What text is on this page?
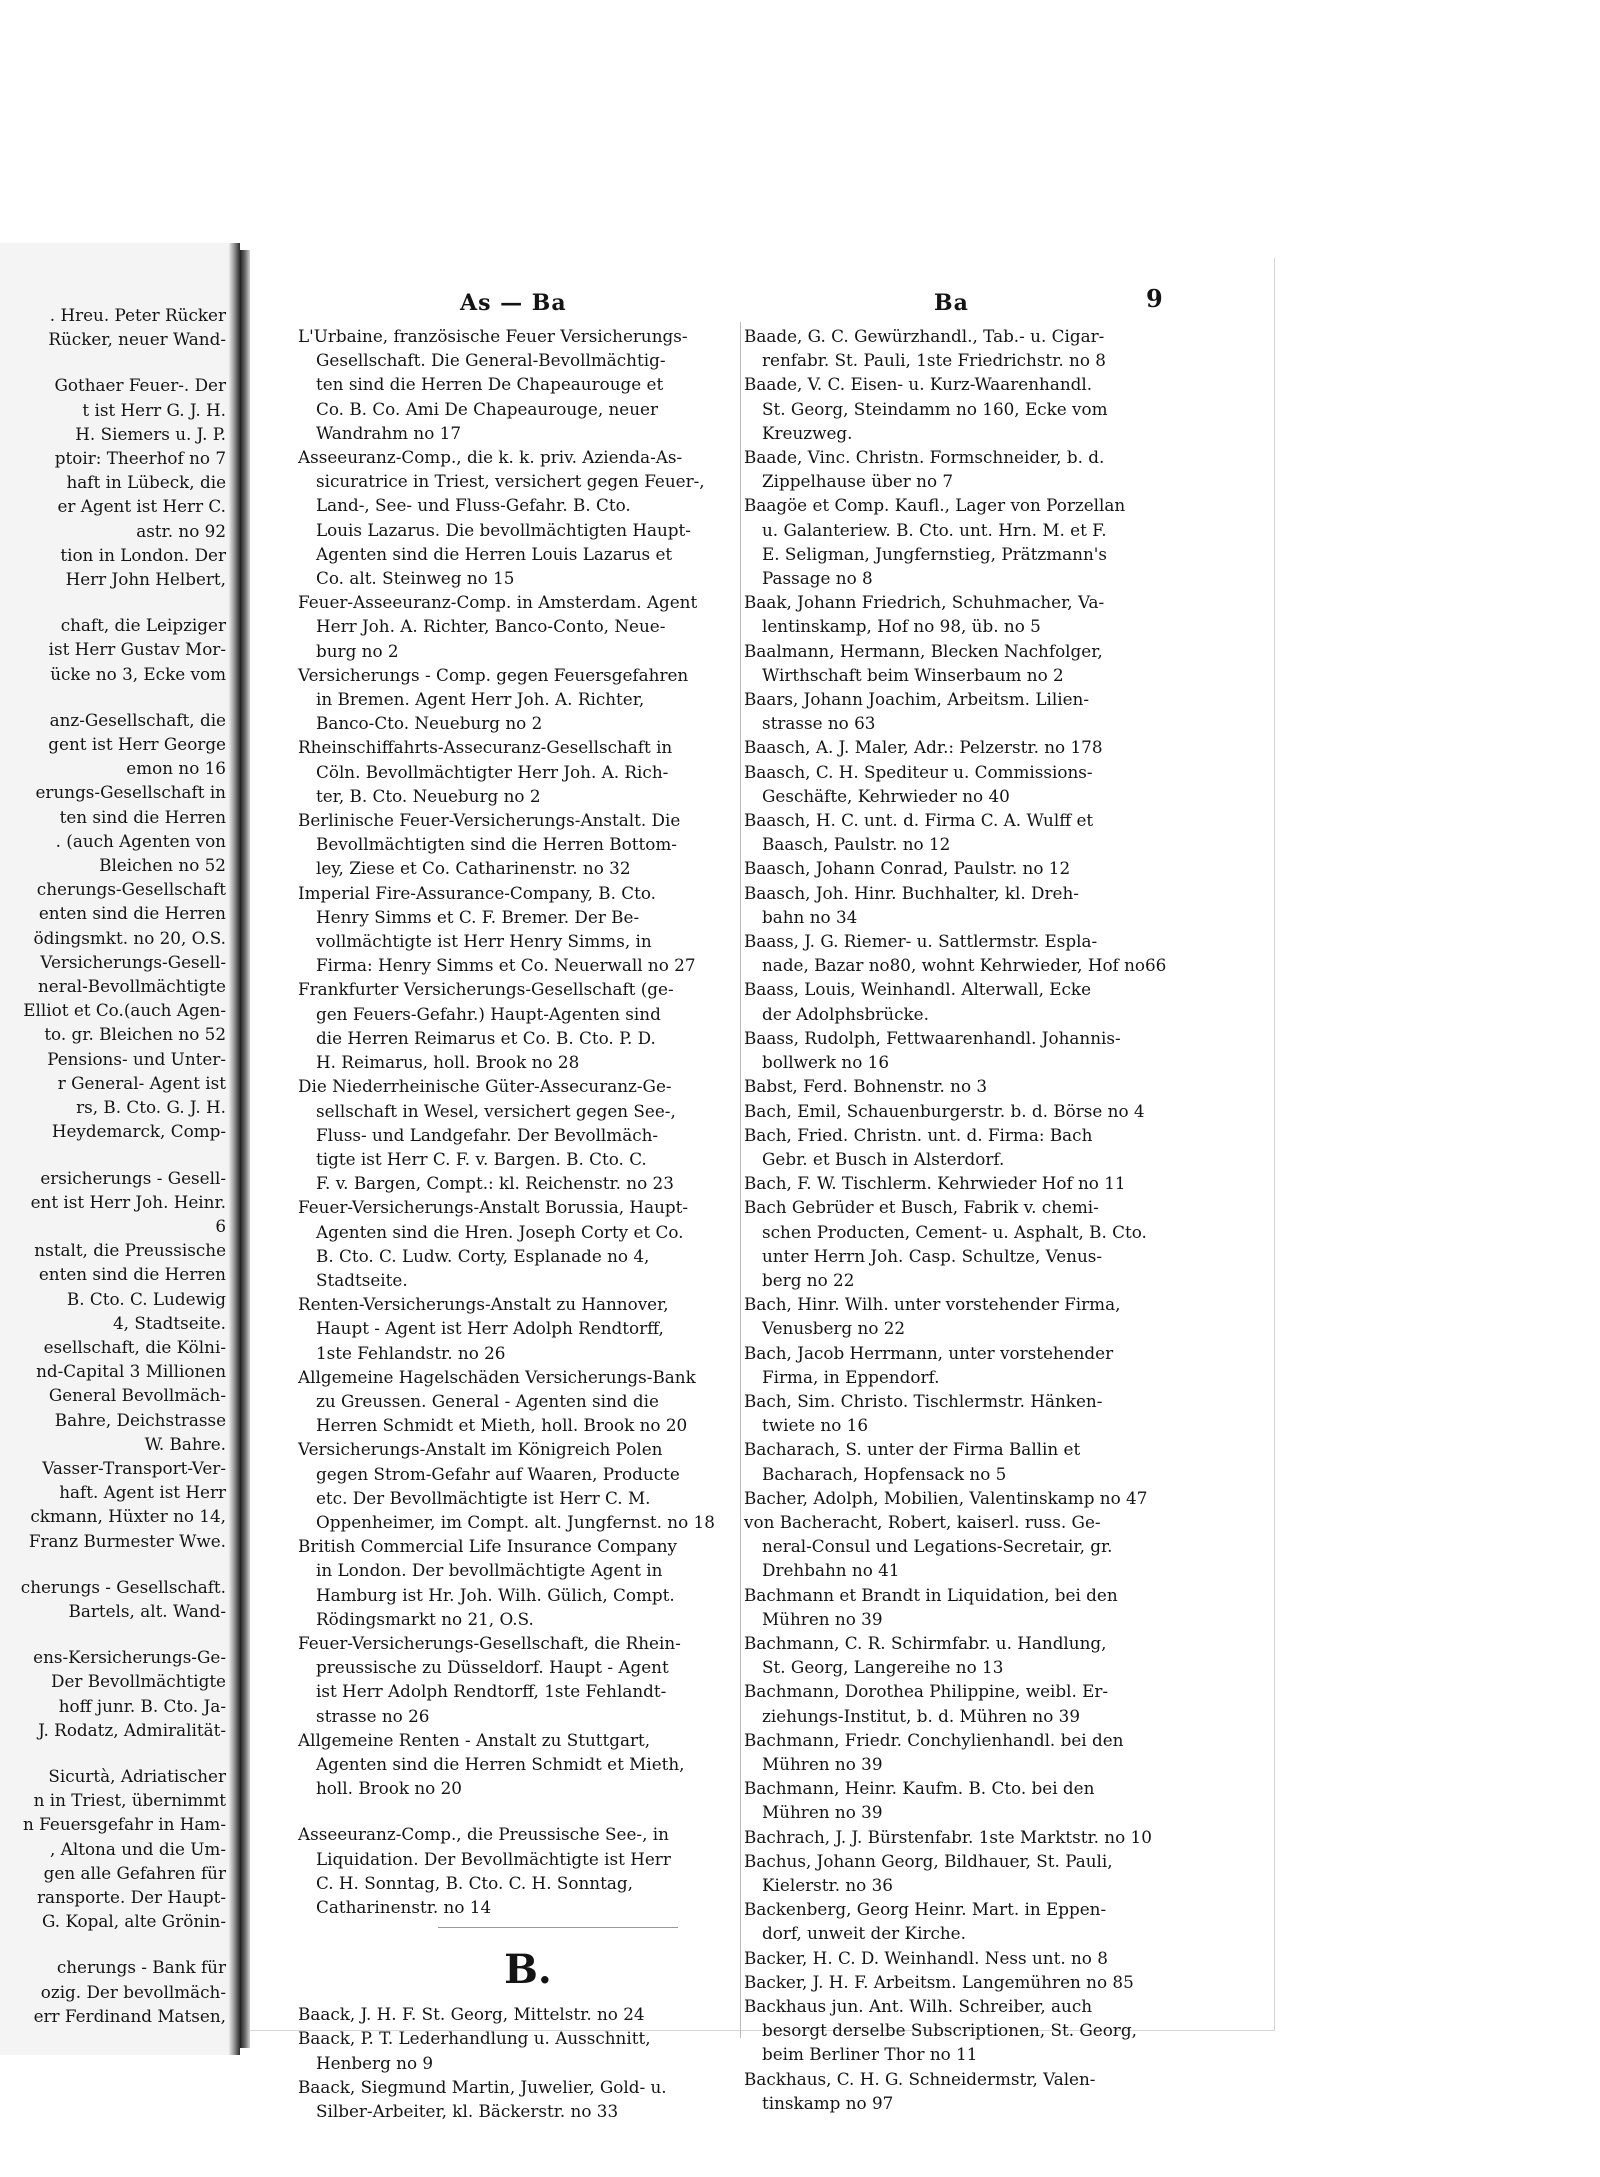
. Hreu. Peter Rücker
Rücker, neuer Wand-
Gothaer Feuer-. Der
t ist Herr G. J. H.
H. Siemers u. J. P.
ptoir: Theerhof no 7
haft in Lübeck, die
er Agent ist Herr C.
astr. no 92
tion in London. Der
Herr John Helbert,
chaft, die Leipziger
ist Herr Gustav Mor-
ücke no 3, Ecke vom
anz-Gesellschaft, die
gent ist Herr George
emon no 16
erungs-Gesellschaft in
ten sind die Herren
. (auch Agenten von
Bleichen no 52
cherungs-Gesellschaft
enten sind die Herren
ödingsmkt. no 20, O.S.
Versicherungs-Gesell-
neral-Bevollmächtigte
Elliot et Co.(auch Agen-
to. gr. Bleichen no 52
Pensions- und Unter-
r General- Agent ist
rs, B. Cto. G. J. H.
Heydemarck, Comp-
ersicherungs - Gesell-
ent ist Herr Joh. Heinr.
6
nstalt, die Preussische
enten sind die Herren
B. Cto. C. Ludewig
4, Stadtseite.
esellschaft, die Kölni-
nd-Capital 3 Millionen
General Bevollmäch-
Bahre, Deichstrasse
W. Bahre.
Vasser-Transport-Ver-
haft. Agent ist Herr
ckmann, Hüxter no 14,
Franz Burmester Wwe.
cherungs - Gesellschaft.
Bartels, alt. Wand-
ens-Kersicherungs-Ge-
Der Bevollmächtigte
hoff junr. B. Cto. Ja-
J. Rodatz, Admiralität-
Sicurtà, Adriatischer
n in Triest, übernimmt
n Feuersgefahr in Ham-
, Altona und die Um-
gen alle Gefahren für
ransporte. Der Haupt-
G. Kopal, alte Grönin-
cherungs - Bank für
ozig. Der bevollmäch-
err Ferdinand Matsen,
As — Ba	Ba	9
L'Urbaine, französische Feuer Versicherungs-
Gesellschaft. Die General-Bevollmächtig-
ten sind die Herren De Chapeaurouge et
Co. B. Co. Ami De Chapeaurouge, neuer
Wandrahm no 17
Asseeuranz-Comp., die k. k. priv. Azienda-As-
sicuratrice in Triest, versichert gegen Feuer-,
Land-, See- und Fluss-Gefahr. B. Cto.
Louis Lazarus. Die bevollmächtigten Haupt-
Agenten sind die Herren Louis Lazarus et
Co. alt. Steinweg no 15
Feuer-Asseeuranz-Comp. in Amsterdam. Agent
Herr Joh. A. Richter, Banco-Conto, Neue-
burg no 2
Versicherungs - Comp. gegen Feuersgefahren
in Bremen. Agent Herr Joh. A. Richter,
Banco-Cto. Neueburg no 2
Rheinschiffahrts-Assecuranz-Gesellschaft in
Cöln. Bevollmächtigter Herr Joh. A. Rich-
ter, B. Cto. Neueburg no 2
Berlinische Feuer-Versicherungs-Anstalt. Die
Bevollmächtigten sind die Herren Bottom-
ley, Ziese et Co. Catharinenstr. no 32
Imperial Fire-Assurance-Company, B. Cto.
Henry Simms et C. F. Bremer. Der Be-
vollmächtigte ist Herr Henry Simms, in
Firma: Henry Simms et Co. Neuerwall no 27
Frankfurter Versicherungs-Gesellschaft (ge-
gen Feuers-Gefahr.) Haupt-Agenten sind
die Herren Reimarus et Co. B. Cto. P. D.
H. Reimarus, holl. Brook no 28
Die Niederrheinische Güter-Assecuranz-Ge-
sellschaft in Wesel, versichert gegen See-,
Fluss- und Landgefahr. Der Bevollmäch-
tigte ist Herr C. F. v. Bargen. B. Cto. C.
F. v. Bargen, Compt.: kl. Reichenstr. no 23
Feuer-Versicherungs-Anstalt Borussia, Haupt-
Agenten sind die Hren. Joseph Corty et Co.
B. Cto. C. Ludw. Corty, Esplanade no 4,
Stadtseite.
Renten-Versicherungs-Anstalt zu Hannover,
Haupt - Agent ist Herr Adolph Rendtorff,
1ste Fehlandstr. no 26
Allgemeine Hagelschäden Versicherungs-Bank
zu Greussen. General - Agenten sind die
Herren Schmidt et Mieth, holl. Brook no 20
Versicherungs-Anstalt im Königreich Polen
gegen Strom-Gefahr auf Waaren, Producte
etc. Der Bevollmächtigte ist Herr C. M.
Oppenheimer, im Compt. alt. Jungfernst. no 18
British Commercial Life Insurance Company
in London. Der bevollmächtigte Agent in
Hamburg ist Hr. Joh. Wilh. Gülich, Compt.
Rödingsmarkt no 21, O.S.
Feuer-Versicherungs-Gesellschaft, die Rhein-
preussische zu Düsseldorf. Haupt - Agent
ist Herr Adolph Rendtorff, 1ste Fehlandt-
strasse no 26
Allgemeine Renten - Anstalt zu Stuttgart,
Agenten sind die Herren Schmidt et Mieth,
holl. Brook no 20
Asseeuranz-Comp., die Preussische See-, in
Liquidation. Der Bevollmächtigte ist Herr
C. H. Sonntag, B. Cto. C. H. Sonntag,
Catharinenstr. no 14
B.
Baack, J. H. F. St. Georg, Mittelstr. no 24
Baack, P. T. Lederhandlung u. Ausschnitt,
Henberg no 9
Baack, Siegmund Martin, Juwelier, Gold- u.
Silber-Arbeiter, kl. Bäckerstr. no 33
Baade, G. C. Gewürzhandl., Tab.- u. Cigar-
renfabr. St. Pauli, 1ste Friedrichstr. no 8
Baade, V. C. Eisen- u. Kurz-Waarenhandl.
St. Georg, Steindamm no 160, Ecke vom
Kreuzweg.
Baade, Vinc. Christn. Formschneider, b. d.
Zippelhause über no 7
Baagöe et Comp. Kaufl., Lager von Porzellan
u. Galanteriew. B. Cto. unt. Hrn. M. et F.
E. Seligman, Jungfernstieg, Prätzmann's
Passage no 8
Baak, Johann Friedrich, Schuhmacher, Va-
lentinskamp, Hof no 98, üb. no 5
Baalmann, Hermann, Blecken Nachfolger,
Wirthschaft beim Winserbaum no 2
Baars, Johann Joachim, Arbeitsm. Lilien-
strasse no 63
Baasch, A. J. Maler, Adr.: Pelzerstr. no 178
Baasch, C. H. Spediteur u. Commissions-
Geschäfte, Kehrwieder no 40
Baasch, H. C. unt. d. Firma C. A. Wulff et
Baasch, Paulstr. no 12
Baasch, Johann Conrad, Paulstr. no 12
Baasch, Joh. Hinr. Buchhalter, kl. Dreh-
bahn no 34
Baass, J. G. Riemer- u. Sattlermstr. Espla-
nade, Bazar no80, wohnt Kehrwieder, Hof no66
Baass, Louis, Weinhandl. Alterwall, Ecke
der Adolphsbrücke.
Baass, Rudolph, Fettwaarenhandl. Johannis-
bollwerk no 16
Babst, Ferd. Bohnenstr. no 3
Bach, Emil, Schauenburgerstr. b. d. Börse no 4
Bach, Fried. Christn. unt. d. Firma: Bach
Gebr. et Busch in Alsterdorf.
Bach, F. W. Tischlerm. Kehrwieder Hof no 11
Bach Gebrüder et Busch, Fabrik v. chemi-
schen Producten, Cement- u. Asphalt, B. Cto.
unter Herrn Joh. Casp. Schultze, Venus-
berg no 22
Bach, Hinr. Wilh. unter vorstehender Firma,
Venusberg no 22
Bach, Jacob Herrmann, unter vorstehender
Firma, in Eppendorf.
Bach, Sim. Christo. Tischlermstr. Hänken-
twiete no 16
Bacharach, S. unter der Firma Ballin et
Bacharach, Hopfensack no 5
Bacher, Adolph, Mobilien, Valentinskamp no 47
von Bacheracht, Robert, kaiserl. russ. Ge-
neral-Consul und Legations-Secretair, gr.
Drehbahn no 41
Bachmann et Brandt in Liquidation, bei den
Mühren no 39
Bachmann, C. R. Schirmfabr. u. Handlung,
St. Georg, Langereihe no 13
Bachmann, Dorothea Philippine, weibl. Er-
ziehungs-Institut, b. d. Mühren no 39
Bachmann, Friedr. Conchylienhandl. bei den
Mühren no 39
Bachmann, Heinr. Kaufm. B. Cto. bei den
Mühren no 39
Bachrach, J. J. Bürstenfabr. 1ste Marktstr. no 10
Bachus, Johann Georg, Bildhauer, St. Pauli,
Kielerstr. no 36
Backenberg, Georg Heinr. Mart. in Eppen-
dorf, unweit der Kirche.
Backer, H. C. D. Weinhandl. Ness unt. no 8
Backer, J. H. F. Arbeitsm. Langemühren no 85
Backhaus jun. Ant. Wilh. Schreiber, auch
besorgt derselbe Subscriptionen, St. Georg,
beim Berliner Thor no 11
Backhaus, C. H. G. Schneidermstr, Valen-
tinskamp no 97
